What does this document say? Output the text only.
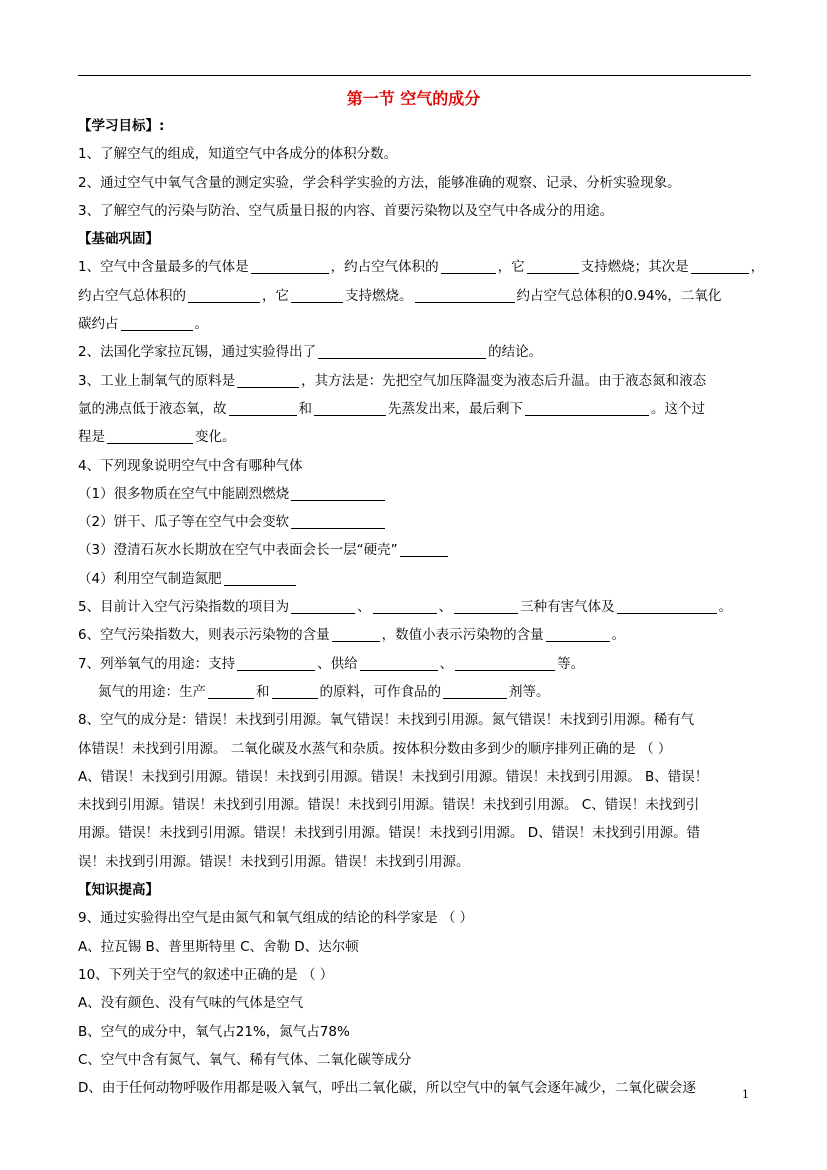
第一节 空气的成分
【学习目标】:
1、了解空气的组成，知道空气中各成分的体积分数。
2、通过空气中氧气含量的测定实验，学会科学实验的方法，能够准确的观察、记录、分析实验现象。
3、了解空气的污染与防治、空气质量日报的内容、首要污染物以及空气中各成分的用途。
【基础巩固】
1、空气中含量最多的气体是	，约占空气体积的	，它	支持燃烧；其次是	，
约占空气总体积的	，它	支持燃烧。	约占空气总体积的0.94%，二氧化
碳约占	。
2、法国化学家拉瓦锡，通过实验得出了	的结论。
3、工业上制氧气的原料是	，其方法是：先把空气加压降温变为液态后升温。由于液态氮和液态
氩的沸点低于液态氧，故	和	先蒸发出来，最后剩下	。这个过
程是	变化。
4、下列现象说明空气中含有哪种气体
（1）很多物质在空气中能剧烈燃烧
（2）饼干、瓜子等在空气中会变软
（3）澄清石灰水长期放在空气中表面会长一层“硬壳”
（4）利用空气制造氮肥
5、目前计入空气污染指数的项目为	、	、	三种有害气体及	。
6、空气污染指数大，则表示污染物的含量	，数值小表示污染物的含量	。
7、列举氧气的用途：支持	、供给	、	等。
氮气的用途：生产	和	的原料，可作食品的	剂等。
8、空气的成分是：错误！未找到引用源。氧气错误！未找到引用源。氮气错误！未找到引用源。稀有气
体错误！未找到引用源。 二氧化碳及水蒸气和杂质。按体积分数由多到少的顺序排列正确的是 （ ）
A、错误！未找到引用源。错误！未找到引用源。错误！未找到引用源。错误！未找到引用源。 B、错误！
未找到引用源。错误！未找到引用源。错误！未找到引用源。错误！未找到引用源。 C、错误！未找到引
用源。错误！未找到引用源。错误！未找到引用源。错误！未找到引用源。 D、错误！未找到引用源。错
误！未找到引用源。错误！未找到引用源。错误！未找到引用源。
【知识提高】
9、通过实验得出空气是由氮气和氧气组成的结论的科学家是 （ ）
A、拉瓦锡 B、普里斯特里 C、舍勒 D、达尔顿
10、下列关于空气的叙述中正确的是 （ ）
A、没有颜色、没有气味的气体是空气
B、空气的成分中，氧气占21%，氮气占78%
C、空气中含有氮气、氧气、稀有气体、二氧化碳等成分
D、由于任何动物呼吸作用都是吸入氧气，呼出二氧化碳，所以空气中的氧气会逐年减少，二氧化碳会逐	1
